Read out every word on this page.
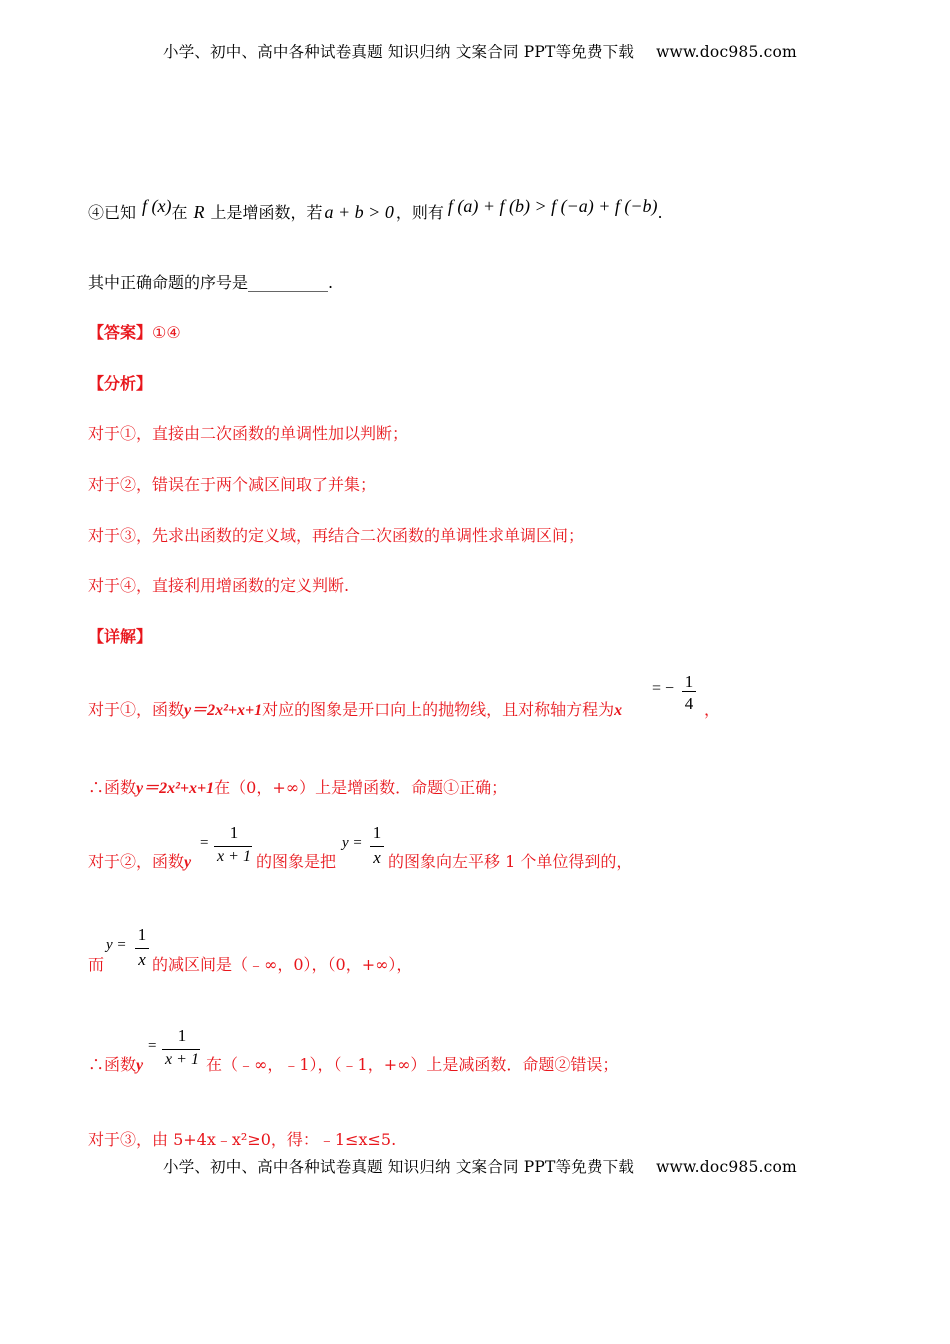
小学、初中、高中各种试卷真题 知识归纳 文案合同 PPT等免费下载 www.doc985.com
④已知 f (x)在 R 上是增函数，若 a + b > 0 ，则有 f (a) + f (b) > f (−a) + f (−b).
其中正确命题的序号是__________.
【答案】①④
【分析】
对于①，直接由二次函数的单调性加以判断；
对于②，错误在于两个减区间取了并集；
对于③，先求出函数的定义域，再结合二次函数的单调性求单调区间；
对于④，直接利用增函数的定义判断.
【详解】
对于①，函数y＝2x²+x+1对应的图象是开口向上的抛物线，且对称轴方程为x
= − 1
4 ，
∴函数y＝2x²+x+1在（0，+∞）上是增函数．命题①正确；
对于②，函数y
=
1
x + 1 的图象是把
y =
1
x 的图象向左平移 1 个单位得到的，
而
y =
1
x 的减区间是（﹣∞，0），（0，+∞），
∴函数y
=
1
x + 1 在（﹣∞，﹣1），（﹣1，+∞）上是减函数．命题②错误；
对于③，由 5+4x﹣x²≥0，得：﹣1≤x≤5.
小学、初中、高中各种试卷真题 知识归纳 文案合同 PPT等免费下载 www.doc985.com
